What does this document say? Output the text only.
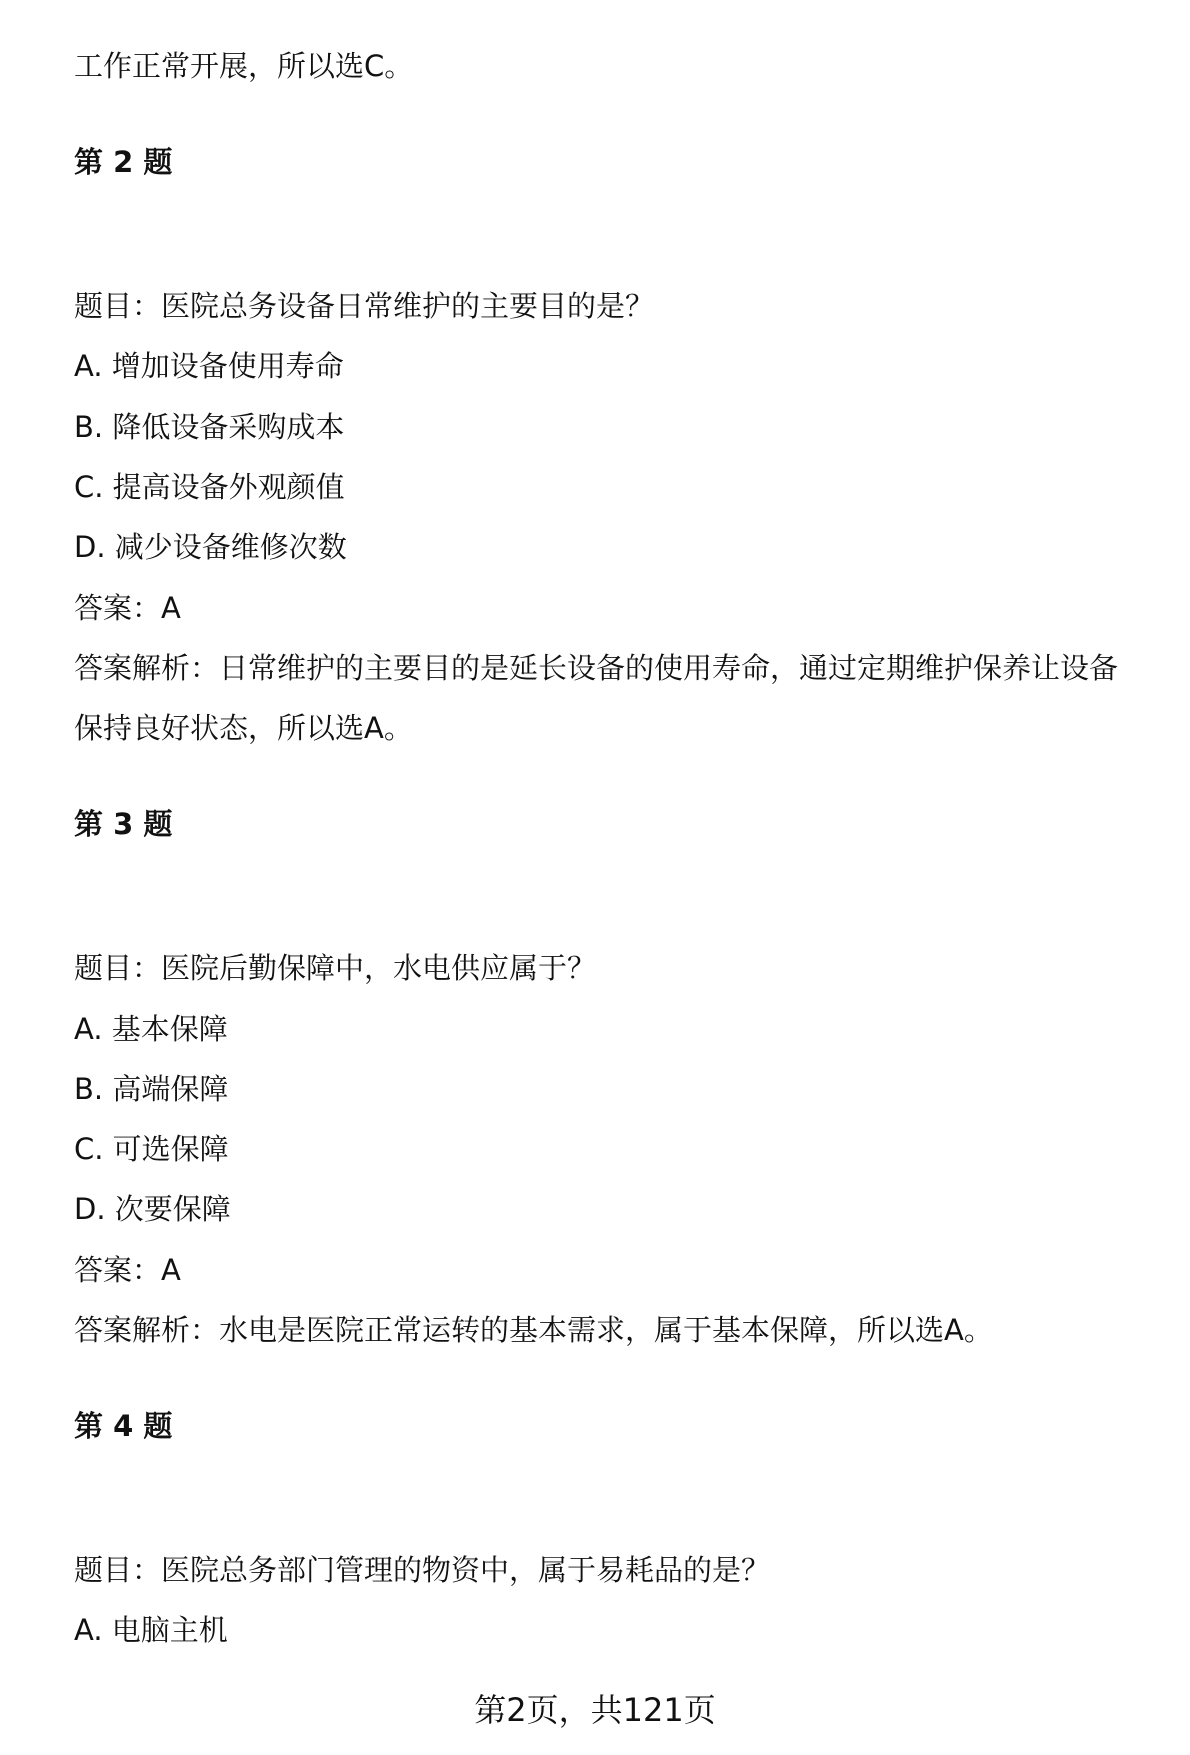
工作正常开展，所以选C。

第 2 题

题目：医院总务设备日常维护的主要目的是？

A. 增加设备使用寿命

B. 降低设备采购成本

C. 提高设备外观颜值

D. 减少设备维修次数

答案：A

答案解析：日常维护的主要目的是延长设备的使用寿命，通过定期维护保养让设备

保持良好状态，所以选A。

第 3 题

题目：医院后勤保障中，水电供应属于？

A. 基本保障

B. 高端保障

C. 可选保障

D. 次要保障

答案：A

答案解析：水电是医院正常运转的基本需求，属于基本保障，所以选A。

第 4 题

题目：医院总务部门管理的物资中，属于易耗品的是？

A. 电脑主机

第2页，共121页
